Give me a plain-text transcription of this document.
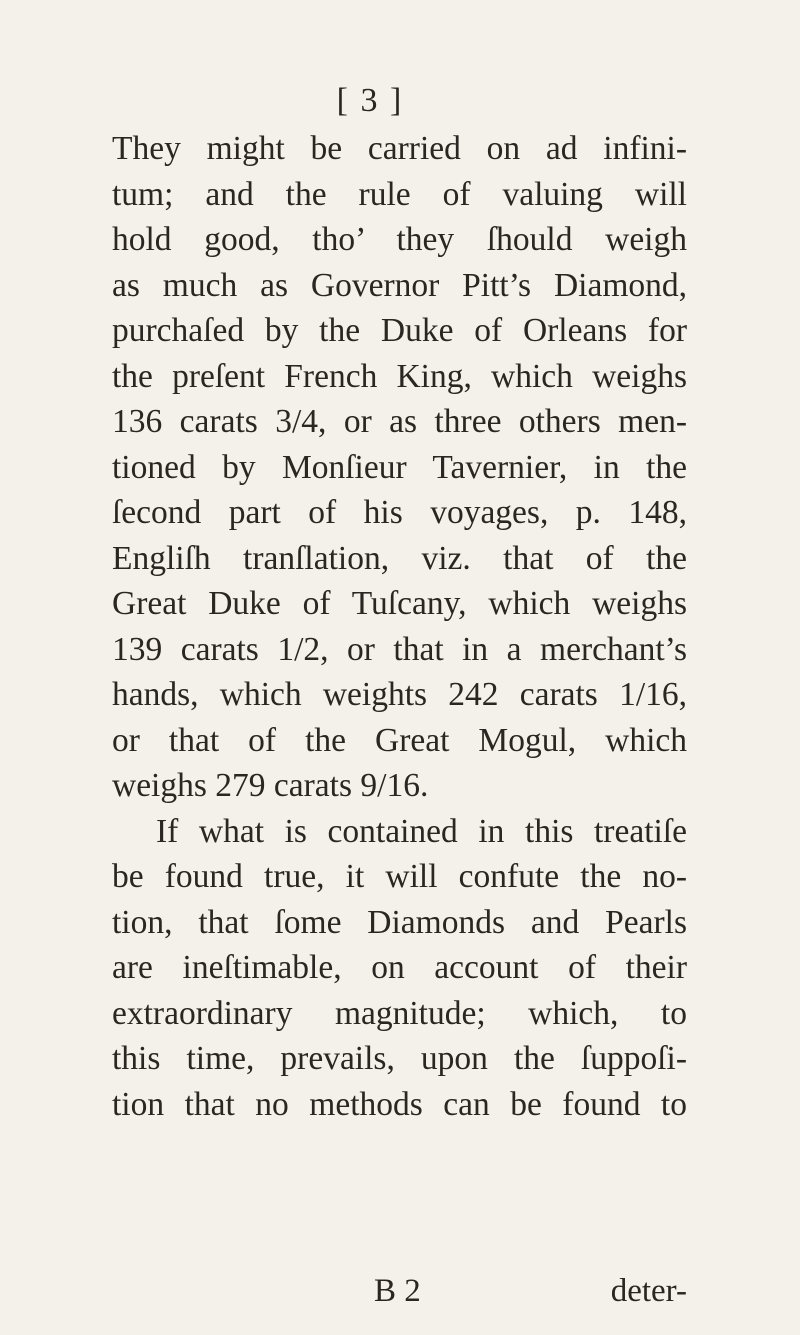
[ 3 ]
They might be carried on ad infini-
tum; and the rule of valuing will
hold good, tho’ they ſhould weigh
as much as Governor Pitt’s Diamond,
purchaſed by the Duke of Orleans for
the preſent French King, which weighs
136 carats 3/4, or as three others men-
tioned by Monſieur Tavernier, in the
ſecond part of his voyages, p. 148,
Engliſh tranſlation, viz. that of the
Great Duke of Tuſcany, which weighs
139 carats 1/2, or that in a merchant’s
hands, which weights 242 carats 1/16,
or that of the Great Mogul, which
weighs 279 carats 9/16.
If what is contained in this treatiſe
be found true, it will confute the no-
tion, that ſome Diamonds and Pearls
are ineſtimable, on account of their
extraordinary magnitude; which, to
this time, prevails, upon the ſuppoſi-
tion that no methods can be found to
B 2	deter-
